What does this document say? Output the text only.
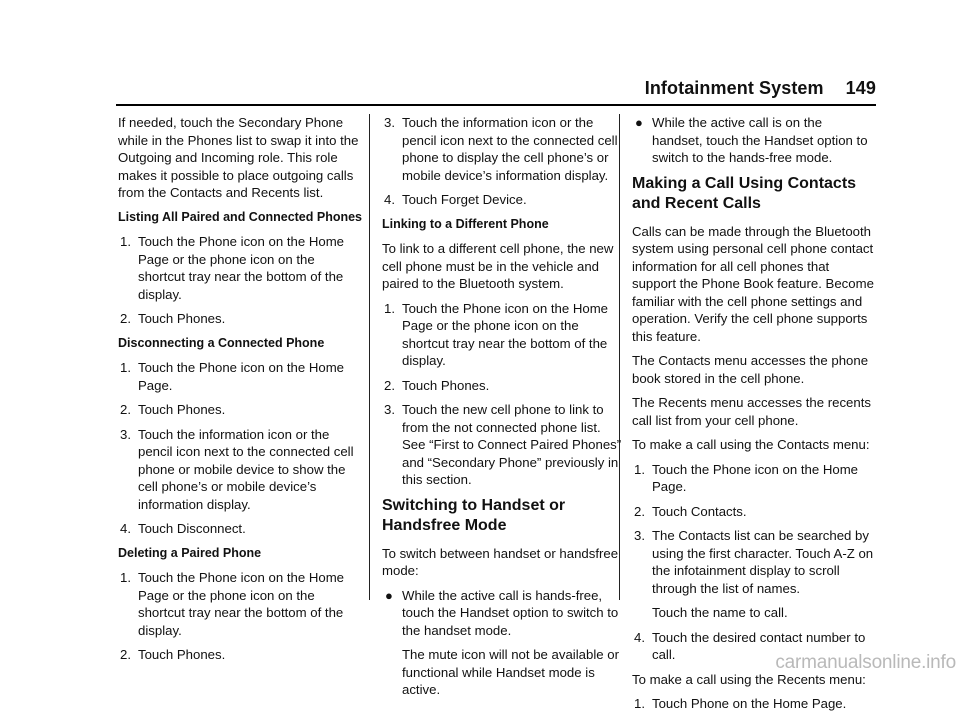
Infotainment System 149

If needed, touch the Secondary Phone while in the Phones list to swap it into the Outgoing and Incoming role. This role makes it possible to place outgoing calls from the Contacts and Recents list.

Listing All Paired and Connected Phones

1. Touch the Phone icon on the Home Page or the phone icon on the shortcut tray near the bottom of the display.
2. Touch Phones.

Disconnecting a Connected Phone

1. Touch the Phone icon on the Home Page.
2. Touch Phones.
3. Touch the information icon or the pencil icon next to the connected cell phone or mobile device to show the cell phone’s or mobile device’s information display.
4. Touch Disconnect.

Deleting a Paired Phone

1. Touch the Phone icon on the Home Page or the phone icon on the shortcut tray near the bottom of the display.
2. Touch Phones.
3. Touch the information icon or the pencil icon next to the connected cell phone to display the cell phone’s or mobile device’s information display.
4. Touch Forget Device.

Linking to a Different Phone

To link to a different cell phone, the new cell phone must be in the vehicle and paired to the Bluetooth system.

1. Touch the Phone icon on the Home Page or the phone icon on the shortcut tray near the bottom of the display.
2. Touch Phones.
3. Touch the new cell phone to link to from the not connected phone list. See “First to Connect Paired Phones” and “Secondary Phone” previously in this section.
Switching to Handset or Handsfree Mode

To switch between handset or handsfree mode:

● While the active call is hands-free, touch the Handset option to switch to the handset mode.

The mute icon will not be available or functional while Handset mode is active.

● While the active call is on the handset, touch the Handset option to switch to the hands-free mode.
Making a Call Using Contacts and Recent Calls

Calls can be made through the Bluetooth system using personal cell phone contact information for all cell phones that support the Phone Book feature. Become familiar with the cell phone settings and operation. Verify the cell phone supports this feature.

The Contacts menu accesses the phone book stored in the cell phone.

The Recents menu accesses the recents call list from your cell phone.

To make a call using the Contacts menu:

1. Touch the Phone icon on the Home Page.
2. Touch Contacts.
3. The Contacts list can be searched by using the first character. Touch A-Z on the infotainment display to scroll through the list of names.

Touch the name to call.

4. Touch the desired contact number to call.

To make a call using the Recents menu:

1. Touch Phone on the Home Page.
carmanualsonline.info
